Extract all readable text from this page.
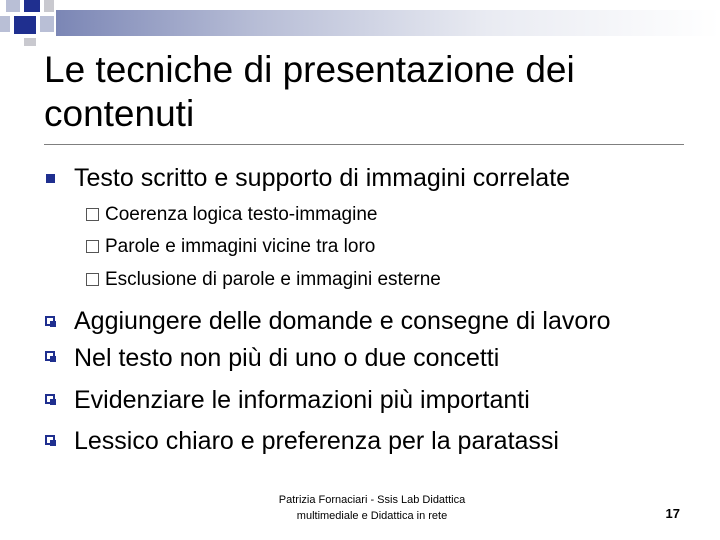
Le tecniche di presentazione dei contenuti
Testo scritto e supporto di immagini correlate
Coerenza logica testo-immagine
Parole e immagini vicine tra loro
Esclusione di parole e immagini esterne
Aggiungere delle domande e consegne di lavoro
Nel testo non più di uno o due concetti
Evidenziare le informazioni più importanti
Lessico chiaro e preferenza per la paratassi
Patrizia Fornaciari - Ssis Lab Didattica
multimediale e Didattica in rete	17
